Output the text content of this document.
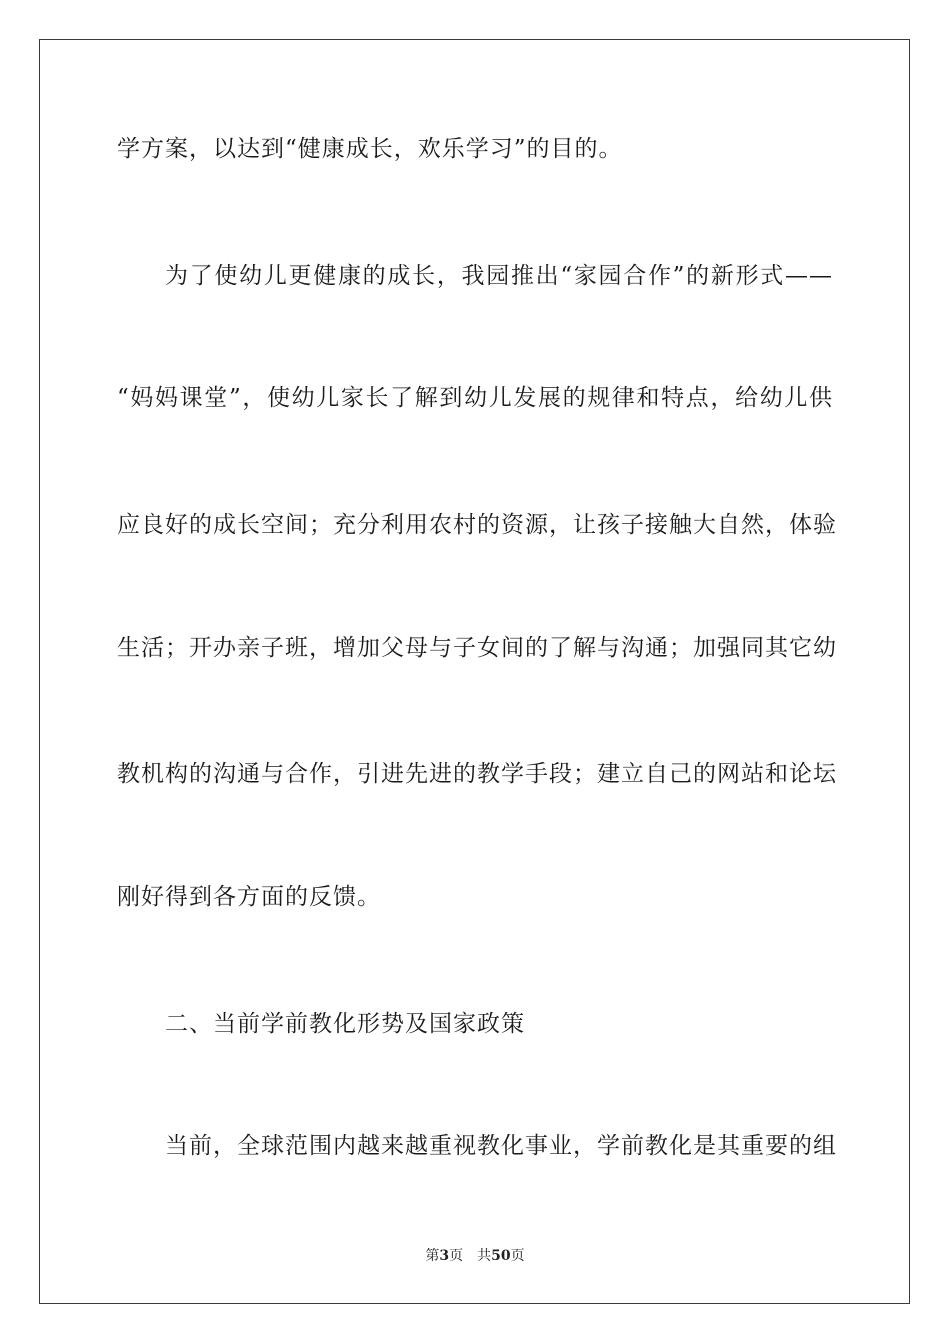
学方案，以达到“健康成长，欢乐学习”的目的。
为了使幼儿更健康的成长，我园推出“家园合作”的新形式——
“妈妈课堂”，使幼儿家长了解到幼儿发展的规律和特点，给幼儿供
应良好的成长空间；充分利用农村的资源，让孩子接触大自然，体验
生活；开办亲子班，增加父母与子女间的了解与沟通；加强同其它幼
教机构的沟通与合作，引进先进的教学手段；建立自己的网站和论坛
刚好得到各方面的反馈。
二、当前学前教化形势及国家政策
当前，全球范围内越来越重视教化事业，学前教化是其重要的组
第3页 共50页
